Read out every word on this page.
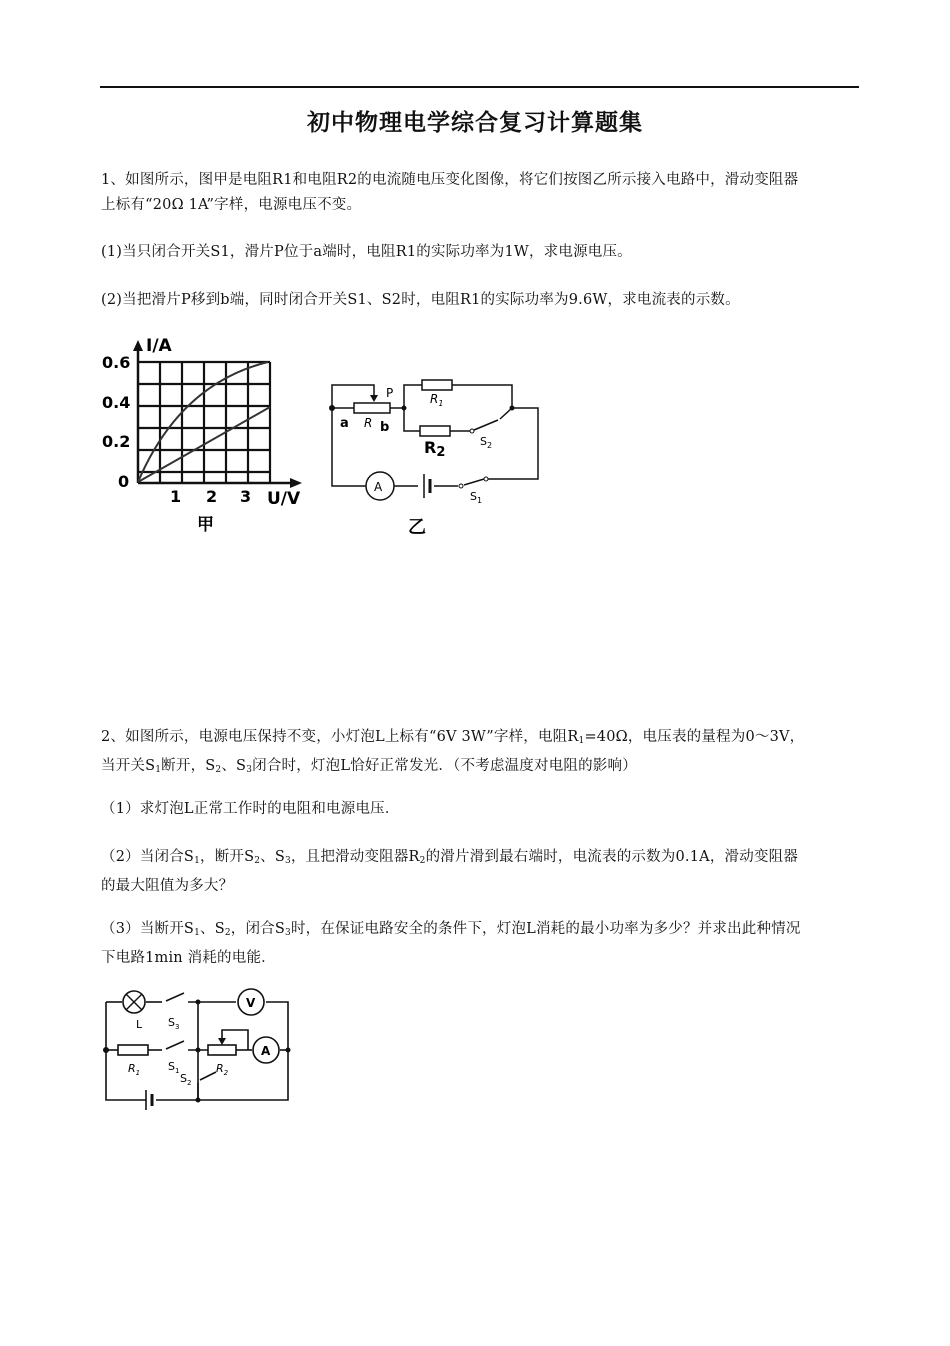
初中物理电学综合复习计算题集
1、如图所示，图甲是电阻R1和电阻R2的电流随电压变化图像，将它们按图乙所示接入电路中，滑动变阻器
上标有“20Ω 1A”字样，电源电压不变。
(1)当只闭合开关S1，滑片P位于a端时，电阻R1的实际功率为1W，求电源电压。
(2)当把滑片P移到b端，同时闭合开关S1、S2时，电阻R1的实际功率为9.6W，求电流表的示数。
I/A
0.6
0.4
0.2
0
1 2 3 U/V
甲
A
P
a R b
$R_1$
R2
$S_2$
$S_1$
乙
2、如图所示，电源电压保持不变，小灯泡L上标有“6V 3W”字样，电阻$R_1=40\Omega$，电压表的量程为0～3V，
当开关$S_1$断开，$S_2$、$S_3$闭合时，灯泡L恰好正常发光．（不考虑温度对电阻的影响）
（1）求灯泡L正常工作时的电阻和电源电压．
（2）当闭合$S_1$，断开$S_2$、$S_3$，且把滑动变阻器$R_2$的滑片滑到最右端时，电流表的示数为0.1A，滑动变阻器
的最大阻值为多大？
（3）当断开$S_1$、$S_2$，闭合$S_3$时，在保证电路安全的条件下，灯泡L消耗的最小功率为多少？并求出此种情况
下电路1min 消耗的电能．
V
A
L $S_3$
$R_1$	$S_1$	$R_2$
$S_2$
